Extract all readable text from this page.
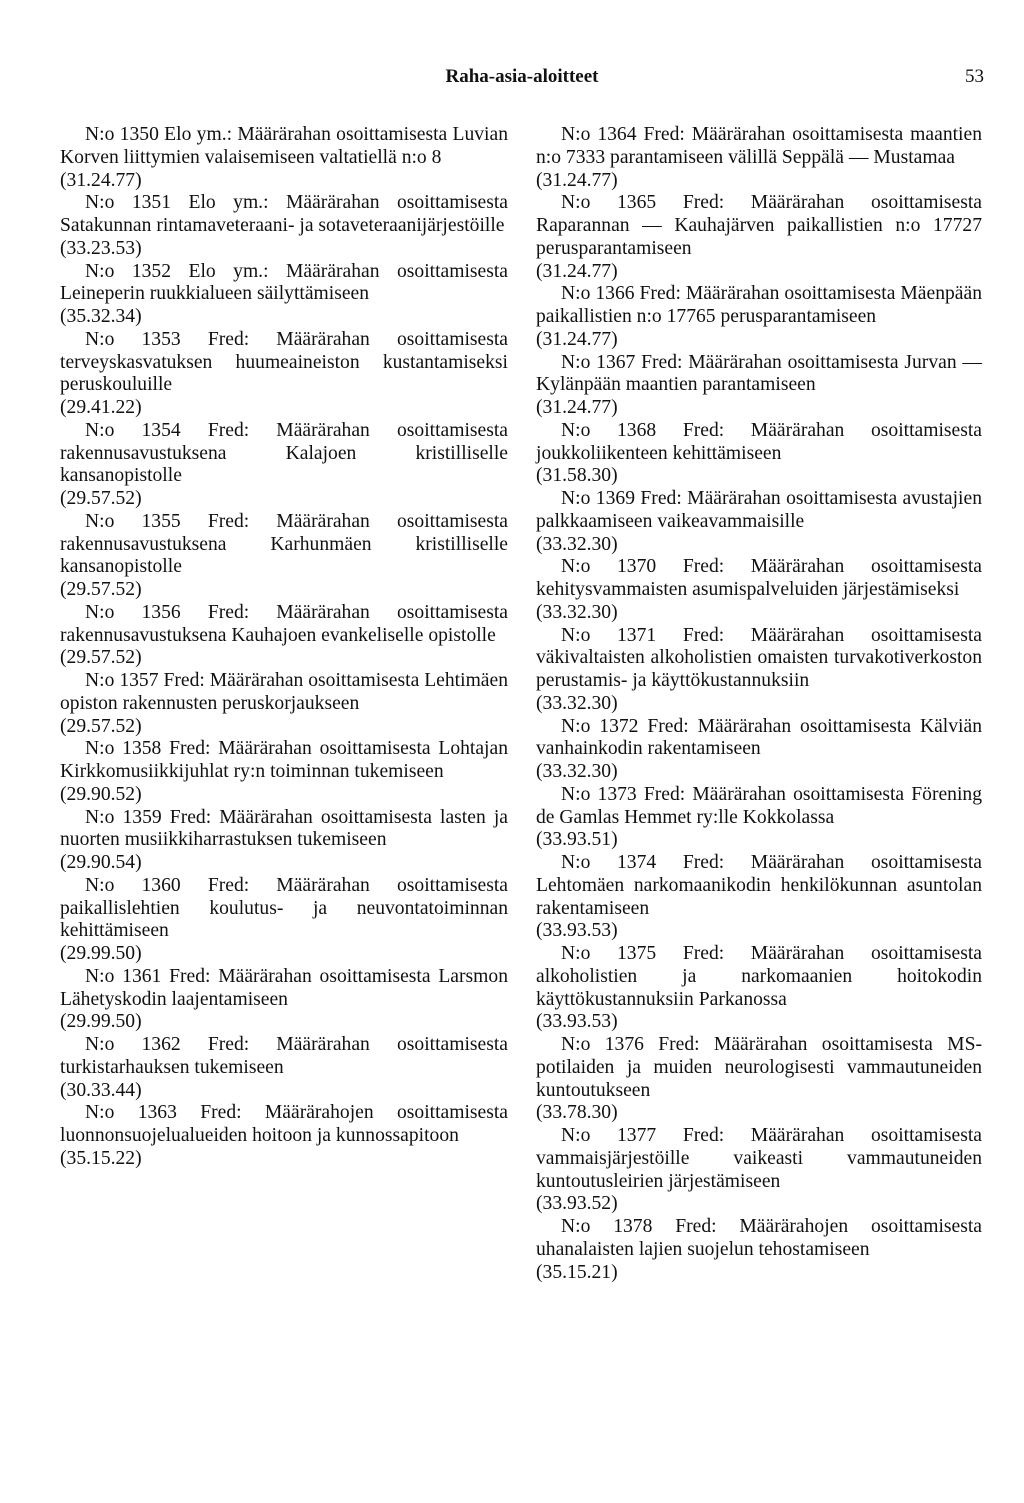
Raha-asia-aloitteet	53
N:o 1350 Elo ym.: Määrärahan osoittamisesta Luvian Korven liittymien valaisemiseen valtatiellä n:o 8
(31.24.77)
N:o 1351 Elo ym.: Määrärahan osoittamisesta Satakunnan rintamaveteraani- ja sotaveteraanijärjestöille
(33.23.53)
N:o 1352 Elo ym.: Määrärahan osoittamisesta Leineperin ruukkialueen säilyttämiseen
(35.32.34)
N:o 1353 Fred: Määrärahan osoittamisesta terveyskasvatuksen huumeaineiston kustantamiseksi peruskouluille
(29.41.22)
N:o 1354 Fred: Määrärahan osoittamisesta rakennusavustuksena Kalajoen kristilliselle kansanopistolle
(29.57.52)
N:o 1355 Fred: Määrärahan osoittamisesta rakennusavustuksena Karhunmäen kristilliselle kansanopistolle
(29.57.52)
N:o 1356 Fred: Määrärahan osoittamisesta rakennusavustuksena Kauhajoen evankeliselle opistolle
(29.57.52)
N:o 1357 Fred: Määrärahan osoittamisesta Lehtimäen opiston rakennusten peruskorjaukseen
(29.57.52)
N:o 1358 Fred: Määrärahan osoittamisesta Lohtajan Kirkkomusiikkijuhlat ry:n toiminnan tukemiseen
(29.90.52)
N:o 1359 Fred: Määrärahan osoittamisesta lasten ja nuorten musiikkiharrastuksen tukemiseen
(29.90.54)
N:o 1360 Fred: Määrärahan osoittamisesta paikallislehtien koulutus- ja neuvontatoiminnan kehittämiseen
(29.99.50)
N:o 1361 Fred: Määrärahan osoittamisesta Larsmon Lähetyskodin laajentamiseen
(29.99.50)
N:o 1362 Fred: Määrärahan osoittamisesta turkistarhauksen tukemiseen
(30.33.44)
N:o 1363 Fred: Määrärahojen osoittamisesta luonnonsuojelualueiden hoitoon ja kunnossapitoon
(35.15.22)
N:o 1364 Fred: Määrärahan osoittamisesta maantien n:o 7333 parantamiseen välillä Seppälä — Mustamaa
(31.24.77)
N:o 1365 Fred: Määrärahan osoittamisesta Raparannan — Kauhajärven paikallistien n:o 17727 perusparantamiseen
(31.24.77)
N:o 1366 Fred: Määrärahan osoittamisesta Mäenpään paikallistien n:o 17765 perusparantamiseen
(31.24.77)
N:o 1367 Fred: Määrärahan osoittamisesta Jurvan — Kylänpään maantien parantamiseen
(31.24.77)
N:o 1368 Fred: Määrärahan osoittamisesta joukkoliikenteen kehittämiseen
(31.58.30)
N:o 1369 Fred: Määrärahan osoittamisesta avustajien palkkaamiseen vaikeavammaisille
(33.32.30)
N:o 1370 Fred: Määrärahan osoittamisesta kehitysvammaisten asumispalveluiden järjestämiseksi
(33.32.30)
N:o 1371 Fred: Määrärahan osoittamisesta väkivaltaisten alkoholistien omaisten turvakotiverkoston perustamis- ja käyttökustannuksiin
(33.32.30)
N:o 1372 Fred: Määrärahan osoittamisesta Kälviän vanhainkodin rakentamiseen
(33.32.30)
N:o 1373 Fred: Määrärahan osoittamisesta Förening de Gamlas Hemmet ry:lle Kokkolassa
(33.93.51)
N:o 1374 Fred: Määrärahan osoittamisesta Lehtomäen narkomaanikodin henkilökunnan asuntolan rakentamiseen
(33.93.53)
N:o 1375 Fred: Määrärahan osoittamisesta alkoholistien ja narkomaanien hoitokodin käyttökustannuksiin Parkanossa
(33.93.53)
N:o 1376 Fred: Määrärahan osoittamisesta MS-potilaiden ja muiden neurologisesti vammautuneiden kuntoutukseen
(33.78.30)
N:o 1377 Fred: Määrärahan osoittamisesta vammaisjärjestöille vaikeasti vammautuneiden kuntoutusleirien järjestämiseen
(33.93.52)
N:o 1378 Fred: Määrärahojen osoittamisesta uhanalaisten lajien suojelun tehostamiseen
(35.15.21)
